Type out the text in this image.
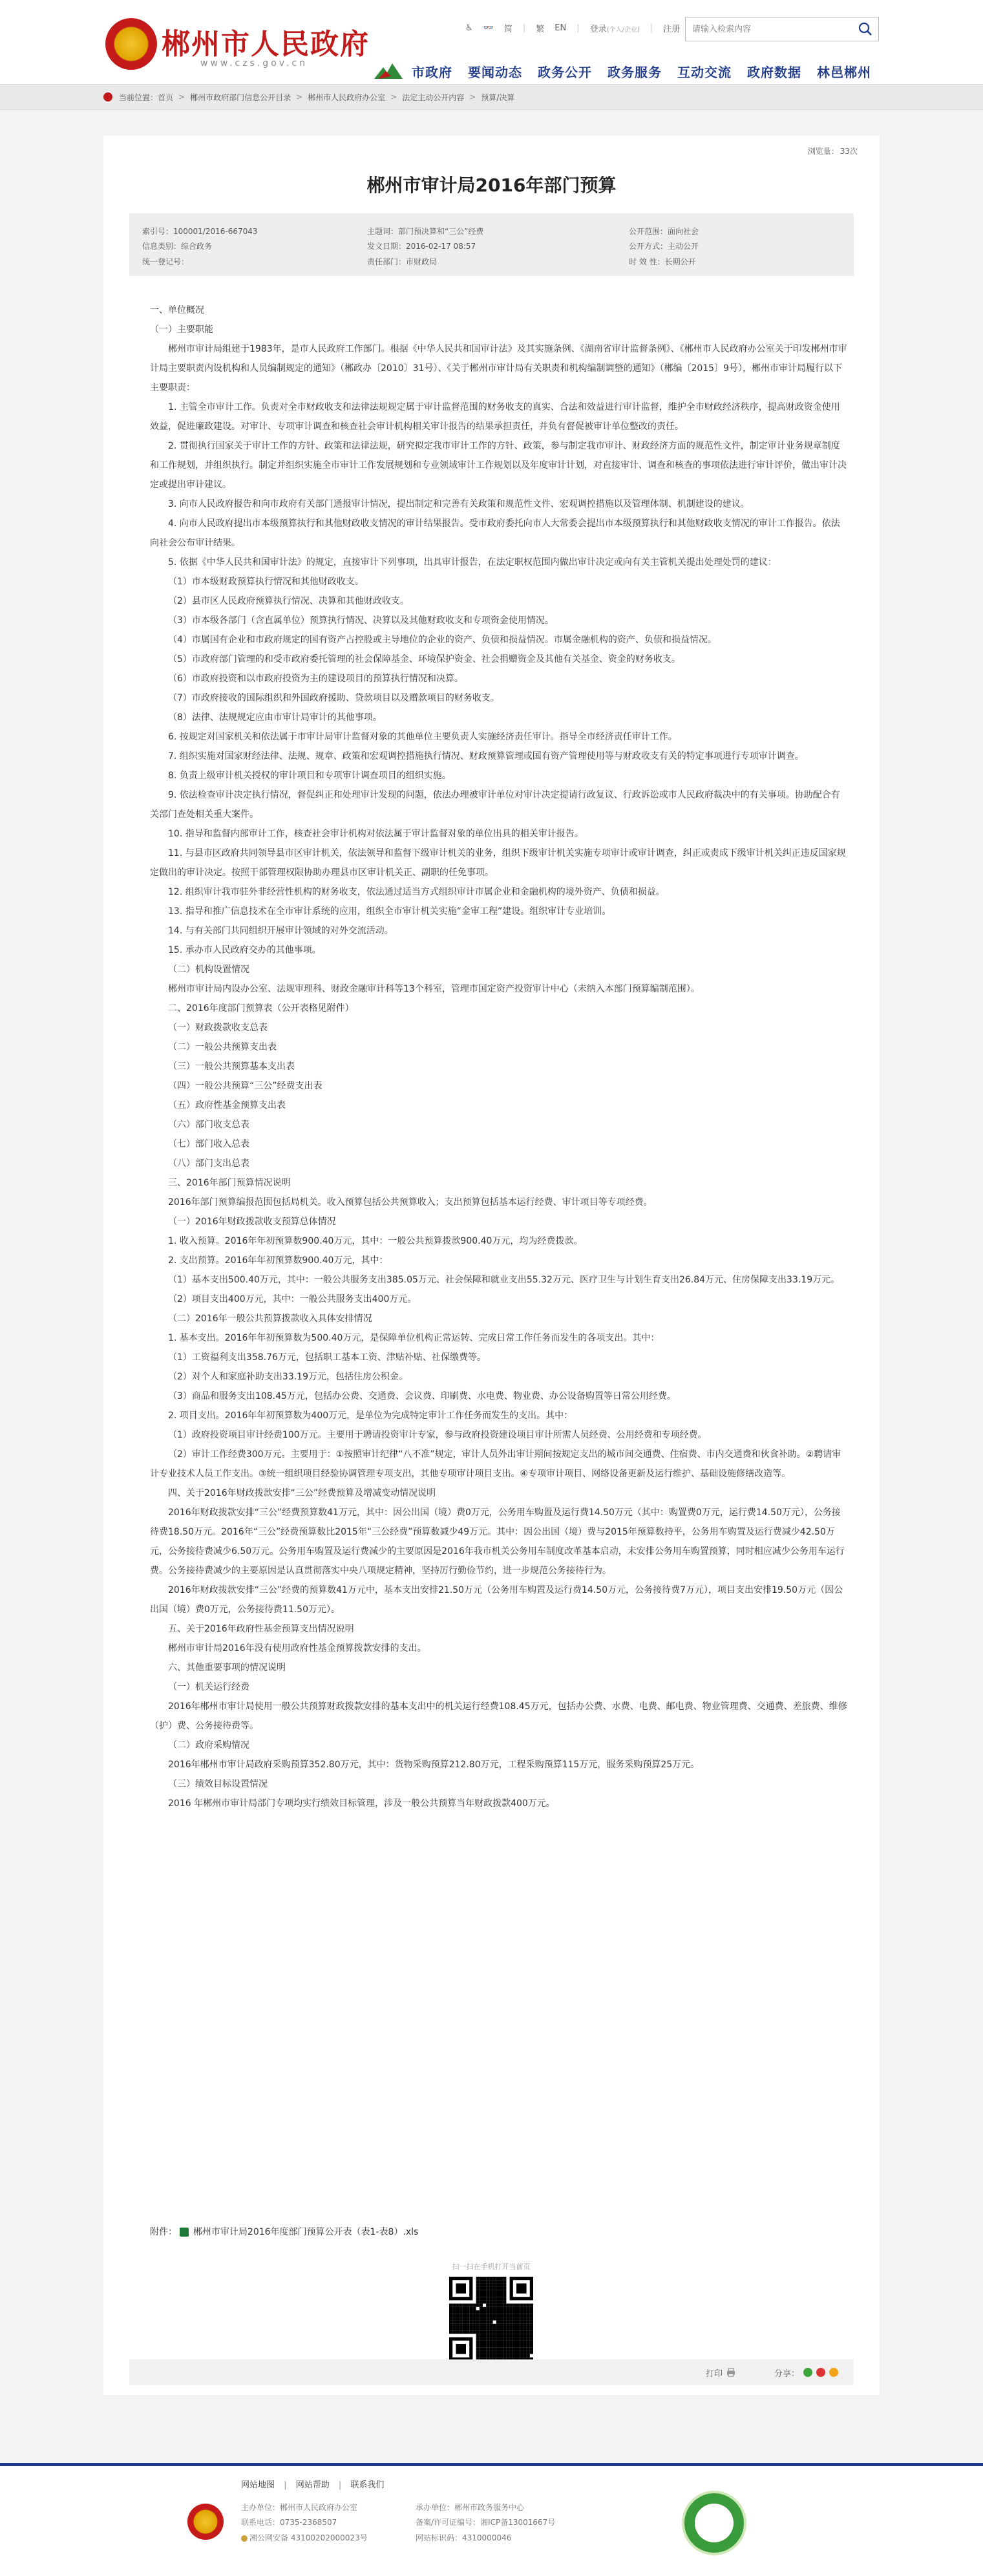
郴州市人民政府
www.czs.gov.cn
♿ 👓 简 | 繁 EN | 登录(个人/企业) | 注册
请输入检索内容
市政府 要闻动态 政务公开 政务服务 互动交流 政府数据 林邑郴州
当前位置： 首页 > 郴州市政府部门信息公开目录 > 郴州市人民政府办公室 > 法定主动公开内容 > 预算/决算
浏览量： 33次
郴州市审计局2016年部门预算
索引号：100001/2016-667043
信息类别：综合政务
统一登记号：
主题词：部门预决算和“三公”经费
发文日期：2016-02-17 08:57
责任部门：市财政局
公开范围：面向社会
公开方式：主动公开
时 效 性：长期公开

一、单位概况

（一）主要职能

郴州市审计局组建于1983年，是市人民政府工作部门。根据《中华人民共和国审计法》及其实施条例、《湖南省审计监督条例》、《郴州市人民政府办公室关于印发郴州市审计局主要职责内设机构和人员编制规定的通知》（郴政办〔2010〕31号）、《关于郴州市审计局有关职责和机构编制调整的通知》（郴编〔2015〕9号），郴州市审计局履行以下主要职责：

1. 主管全市审计工作。负责对全市财政收支和法律法规规定属于审计监督范围的财务收支的真实、合法和效益进行审计监督，维护全市财政经济秩序，提高财政资金使用效益，促进廉政建设。对审计、专项审计调查和核查社会审计机构相关审计报告的结果承担责任，并负有督促被审计单位整改的责任。

2. 贯彻执行国家关于审计工作的方针、政策和法律法规，研究拟定我市审计工作的方针、政策，参与制定我市审计、财政经济方面的规范性文件，制定审计业务规章制度和工作规划，并组织执行。制定并组织实施全市审计工作发展规划和专业领域审计工作规划以及年度审计计划，对直接审计、调查和核查的事项依法进行审计评价，做出审计决定或提出审计建议。

3. 向市人民政府报告和向市政府有关部门通报审计情况，提出制定和完善有关政策和规范性文件、宏观调控措施以及管理体制、机制建设的建议。

4. 向市人民政府提出市本级预算执行和其他财政收支情况的审计结果报告。受市政府委托向市人大常委会提出市本级预算执行和其他财政收支情况的审计工作报告。依法向社会公布审计结果。

5. 依据《中华人民共和国审计法》的规定，直接审计下列事项，出具审计报告，在法定职权范围内做出审计决定或向有关主管机关提出处理处罚的建议：

（1）市本级财政预算执行情况和其他财政收支。

（2）县市区人民政府预算执行情况、决算和其他财政收支。

（3）市本级各部门（含直属单位）预算执行情况、决算以及其他财政收支和专项资金使用情况。

（4）市属国有企业和市政府规定的国有资产占控股或主导地位的企业的资产、负债和损益情况。市属金融机构的资产、负债和损益情况。

（5）市政府部门管理的和受市政府委托管理的社会保障基金、环境保护资金、社会捐赠资金及其他有关基金、资金的财务收支。

（6）市政府投资和以市政府投资为主的建设项目的预算执行情况和决算。

（7）市政府接收的国际组织和外国政府援助、贷款项目以及赠款项目的财务收支。

（8）法律、法规规定应由市审计局审计的其他事项。

6. 按规定对国家机关和依法属于市审计局审计监督对象的其他单位主要负责人实施经济责任审计。指导全市经济责任审计工作。

7. 组织实施对国家财经法律、法规、规章、政策和宏观调控措施执行情况、财政预算管理或国有资产管理使用等与财政收支有关的特定事项进行专项审计调查。

8. 负责上级审计机关授权的审计项目和专项审计调查项目的组织实施。

9. 依法检查审计决定执行情况，督促纠正和处理审计发现的问题，依法办理被审计单位对审计决定提请行政复议、行政诉讼或市人民政府裁决中的有关事项。协助配合有关部门查处相关重大案件。

10. 指导和监督内部审计工作，核查社会审计机构对依法属于审计监督对象的单位出具的相关审计报告。

11. 与县市区政府共同领导县市区审计机关，依法领导和监督下级审计机关的业务，组织下级审计机关实施专项审计或审计调查，纠正或责成下级审计机关纠正违反国家规定做出的审计决定。按照干部管理权限协助办理县市区审计机关正、副职的任免事项。

12. 组织审计我市驻外非经营性机构的财务收支，依法通过适当方式组织审计市属企业和金融机构的境外资产、负债和损益。

13. 指导和推广信息技术在全市审计系统的应用，组织全市审计机关实施“金审工程”建设。组织审计专业培训。

14. 与有关部门共同组织开展审计领域的对外交流活动。

15. 承办市人民政府交办的其他事项。

（二）机构设置情况

郴州市审计局内设办公室、法规审理科、财政金融审计科等13个科室，管理市国定资产投资审计中心（未纳入本部门预算编制范围）。

二、2016年度部门预算表（公开表格见附件）

（一）财政拨款收支总表

（二）一般公共预算支出表

（三）一般公共预算基本支出表

（四）一般公共预算“三公”经费支出表

（五）政府性基金预算支出表

（六）部门收支总表

（七）部门收入总表

（八）部门支出总表

三、2016年部门预算情况说明

2016年部门预算编报范围包括局机关。收入预算包括公共预算收入；支出预算包括基本运行经费、审计项目等专项经费。

（一）2016年财政拨款收支预算总体情况

1. 收入预算。2016年年初预算数900.40万元，其中：一般公共预算拨款900.40万元，均为经费拨款。

2. 支出预算。2016年年初预算数900.40万元，其中：

（1）基本支出500.40万元，其中：一般公共服务支出385.05万元、社会保障和就业支出55.32万元、医疗卫生与计划生育支出26.84万元、住房保障支出33.19万元。

（2）项目支出400万元，其中：一般公共服务支出400万元。

（二）2016年一般公共预算拨款收入具体安排情况

1. 基本支出。2016年年初预算数为500.40万元，是保障单位机构正常运转、完成日常工作任务而发生的各项支出。其中：

（1）工资福利支出358.76万元，包括职工基本工资、津贴补贴、社保缴费等。

（2）对个人和家庭补助支出33.19万元，包括住房公积金。

（3）商品和服务支出108.45万元，包括办公费、交通费、会议费、印刷费、水电费、物业费、办公设备购置等日常公用经费。

2. 项目支出。2016年年初预算数为400万元，是单位为完成特定审计工作任务而发生的支出。其中：

（1）政府投资项目审计经费100万元。主要用于聘请投资审计专家，参与政府投资建设项目审计所需人员经费、公用经费和专项经费。

（2）审计工作经费300万元。主要用于：①按照审计纪律“八不准”规定，审计人员外出审计期间按规定支出的城市间交通费、住宿费、市内交通费和伙食补助。②聘请审计专业技术人员工作支出。③统一组织项目经验协调管理专项支出，其他专项审计项目支出。④专项审计项目、网络设备更新及运行维护、基础设施修缮改造等。

四、关于2016年财政拨款安排“三公”经费预算及增减变动情况说明

2016年财政拨款安排“三公”经费预算数41万元，其中：因公出国（境）费0万元，公务用车购置及运行费14.50万元（其中：购置费0万元，运行费14.50万元），公务接待费18.50万元。2016年“三公”经费预算数比2015年“三公经费”预算数减少49万元。其中：因公出国（境）费与2015年预算数持平，公务用车购置及运行费减少42.50万元，公务接待费减少6.50万元。公务用车购置及运行费减少的主要原因是2016年我市机关公务用车制度改革基本启动，未安排公务用车购置预算，同时相应减少公务用车运行费。公务接待费减少的主要原因是认真贯彻落实中央八项规定精神，坚持厉行勤俭节约，进一步规范公务接待行为。

2016年财政拨款安排“三公”经费的预算数41万元中，基本支出安排21.50万元（公务用车购置及运行费14.50万元，公务接待费7万元），项目支出安排19.50万元（因公出国（境）费0万元，公务接待费11.50万元）。

五、关于2016年政府性基金预算支出情况说明

郴州市审计局2016年没有使用政府性基金预算拨款安排的支出。

六、其他重要事项的情况说明

（一）机关运行经费

2016年郴州市审计局使用一般公共预算财政拨款安排的基本支出中的机关运行经费108.45万元，包括办公费、水费、电费、邮电费、物业管理费、交通费、差旅费、维修（护）费、公务接待费等。

（二）政府采购情况

2016年郴州市审计局政府采购预算352.80万元，其中：货物采购预算212.80万元，工程采购预算115万元，服务采购预算25万元。

（三）绩效目标设置情况

2016 年郴州市审计局部门专项均实行绩效目标管理，涉及一般公共预算当年财政拨款400万元。

附件： 郴州市审计局2016年度部门预算公开表（表1-表8）.xls
扫一扫在手机打开当前页
打印	分享：
网站地图 | 网站帮助 | 联系我们
主办单位：郴州市人民政府办公室	承办单位：郴州市政务服务中心
联系电话：0735-2368507	备案/许可证编号：湘ICP备13001667号
湘公网安备 43100202000023号	网站标识码：4310000046
